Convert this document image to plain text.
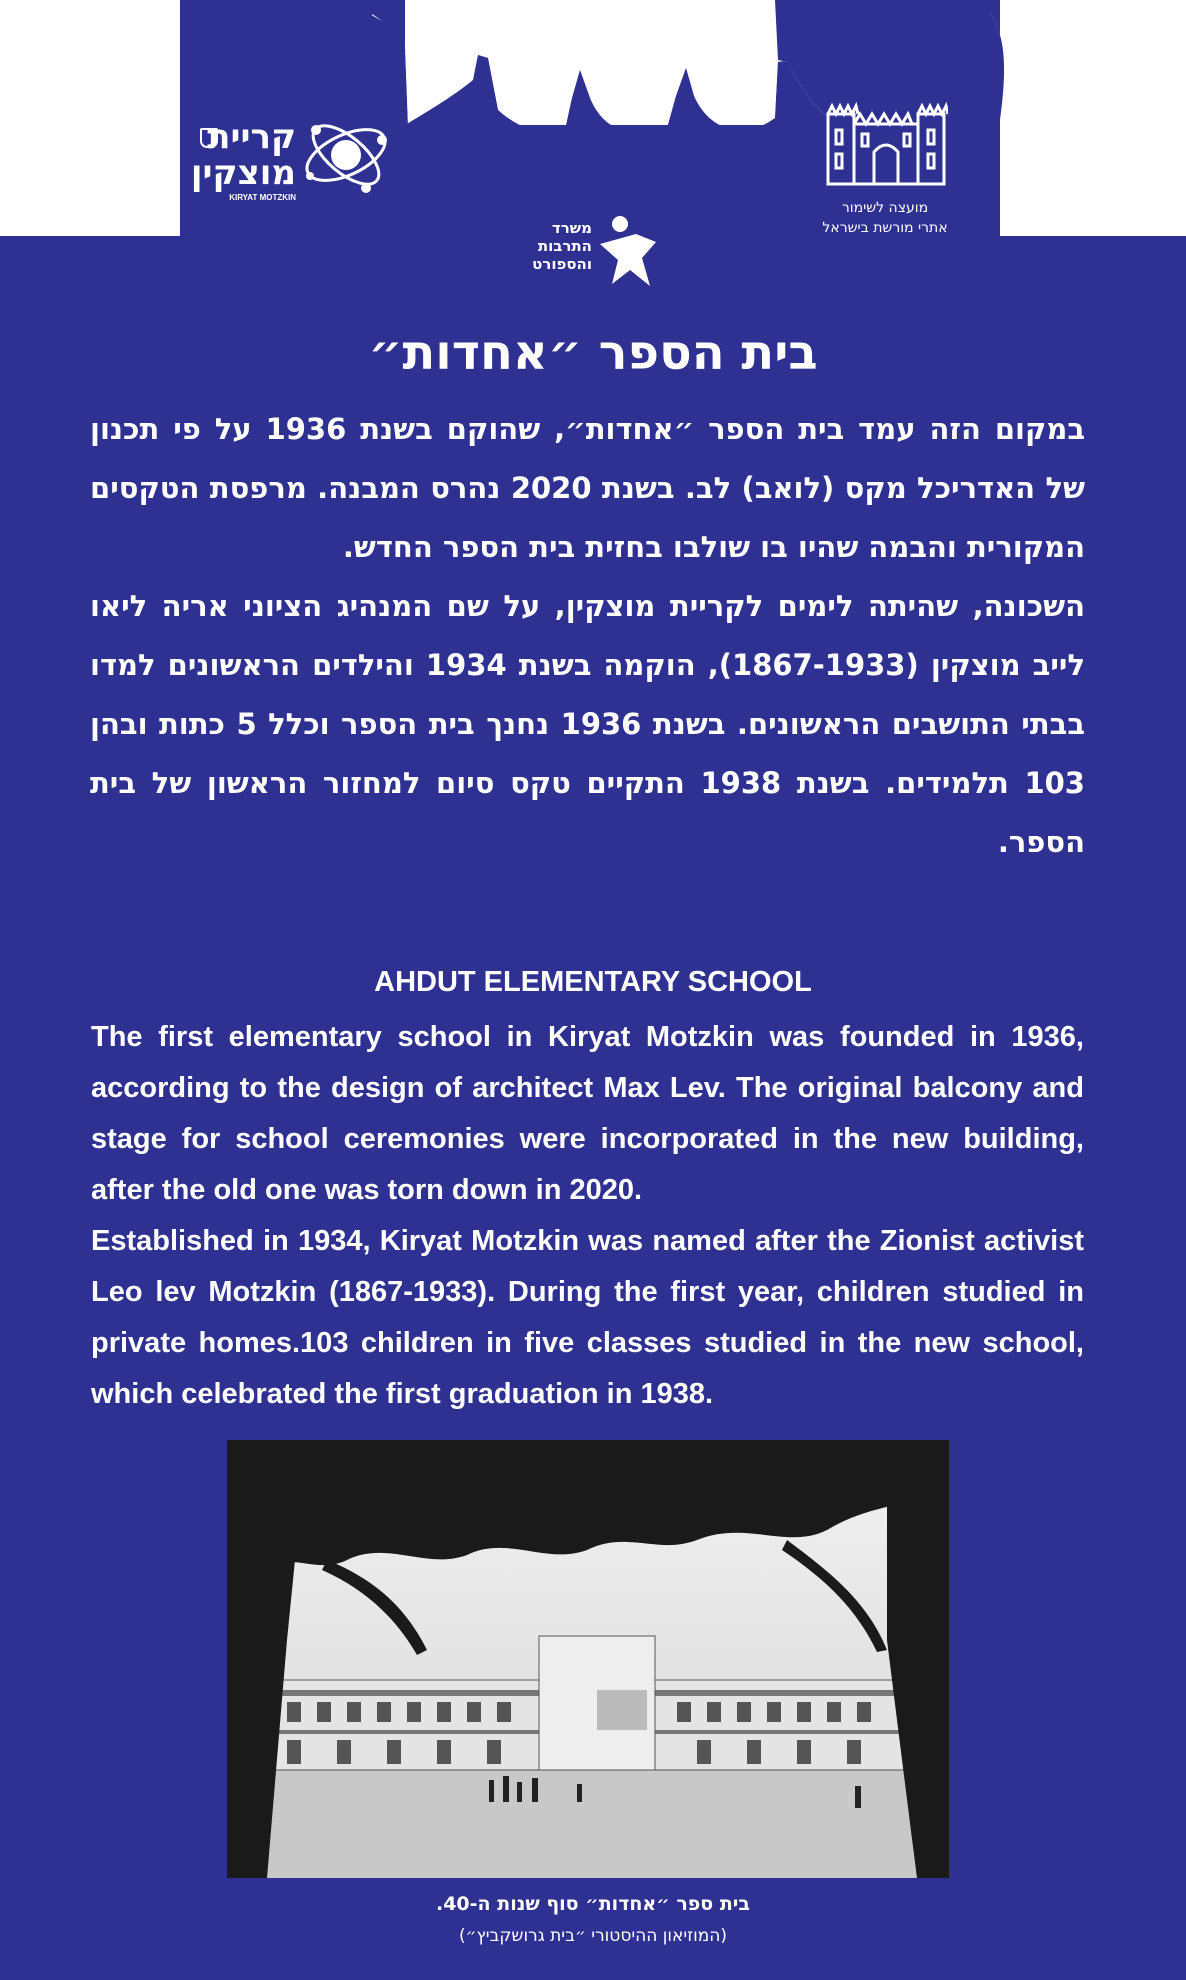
קריית
מוצקין
KIRYAT MOTZKIN
משרד
התרבות
והספורט
מועצה לשימור
אתרי מורשת בישראל
בית הספר ״אחדות״

במקום הזה עמד בית הספר ״אחדות״, שהוקם בשנת 1936 על פי תכנון של האדריכל מקס (לואב) לב. בשנת 2020 נהרס המבנה. מרפסת הטקסים המקורית והבמה שהיו בו שולבו בחזית בית הספר החדש.

השכונה, שהיתה לימים לקריית מוצקין, על שם המנהיג הציוני אריה ליאו לייב מוצקין (1867-1933), הוקמה בשנת 1934 והילדים הראשונים למדו בבתי התושבים הראשונים. בשנת 1936 נחנך בית הספר וכלל 5 כתות ובהן 103 תלמידים. בשנת 1938 התקיים טקס סיום למחזור הראשון של בית הספר.

AHDUT ELEMENTARY SCHOOL

The first elementary school in Kiryat Motzkin was founded in 1936, according to the design of architect Max Lev. The original balcony and stage for school ceremonies were incorporated in the new building, after the old one was torn down in 2020.

Established in 1934, Kiryat Motzkin was named after the Zionist activist Leo lev Motzkin (1867-1933). During the first year, children studied in private homes.103 children in five classes studied in the new school, which celebrated the first graduation in 1938.

בית ספר ״אחדות״ סוף שנות ה-40.
(המוזיאון ההיסטורי ״בית גרושקביץ״)
